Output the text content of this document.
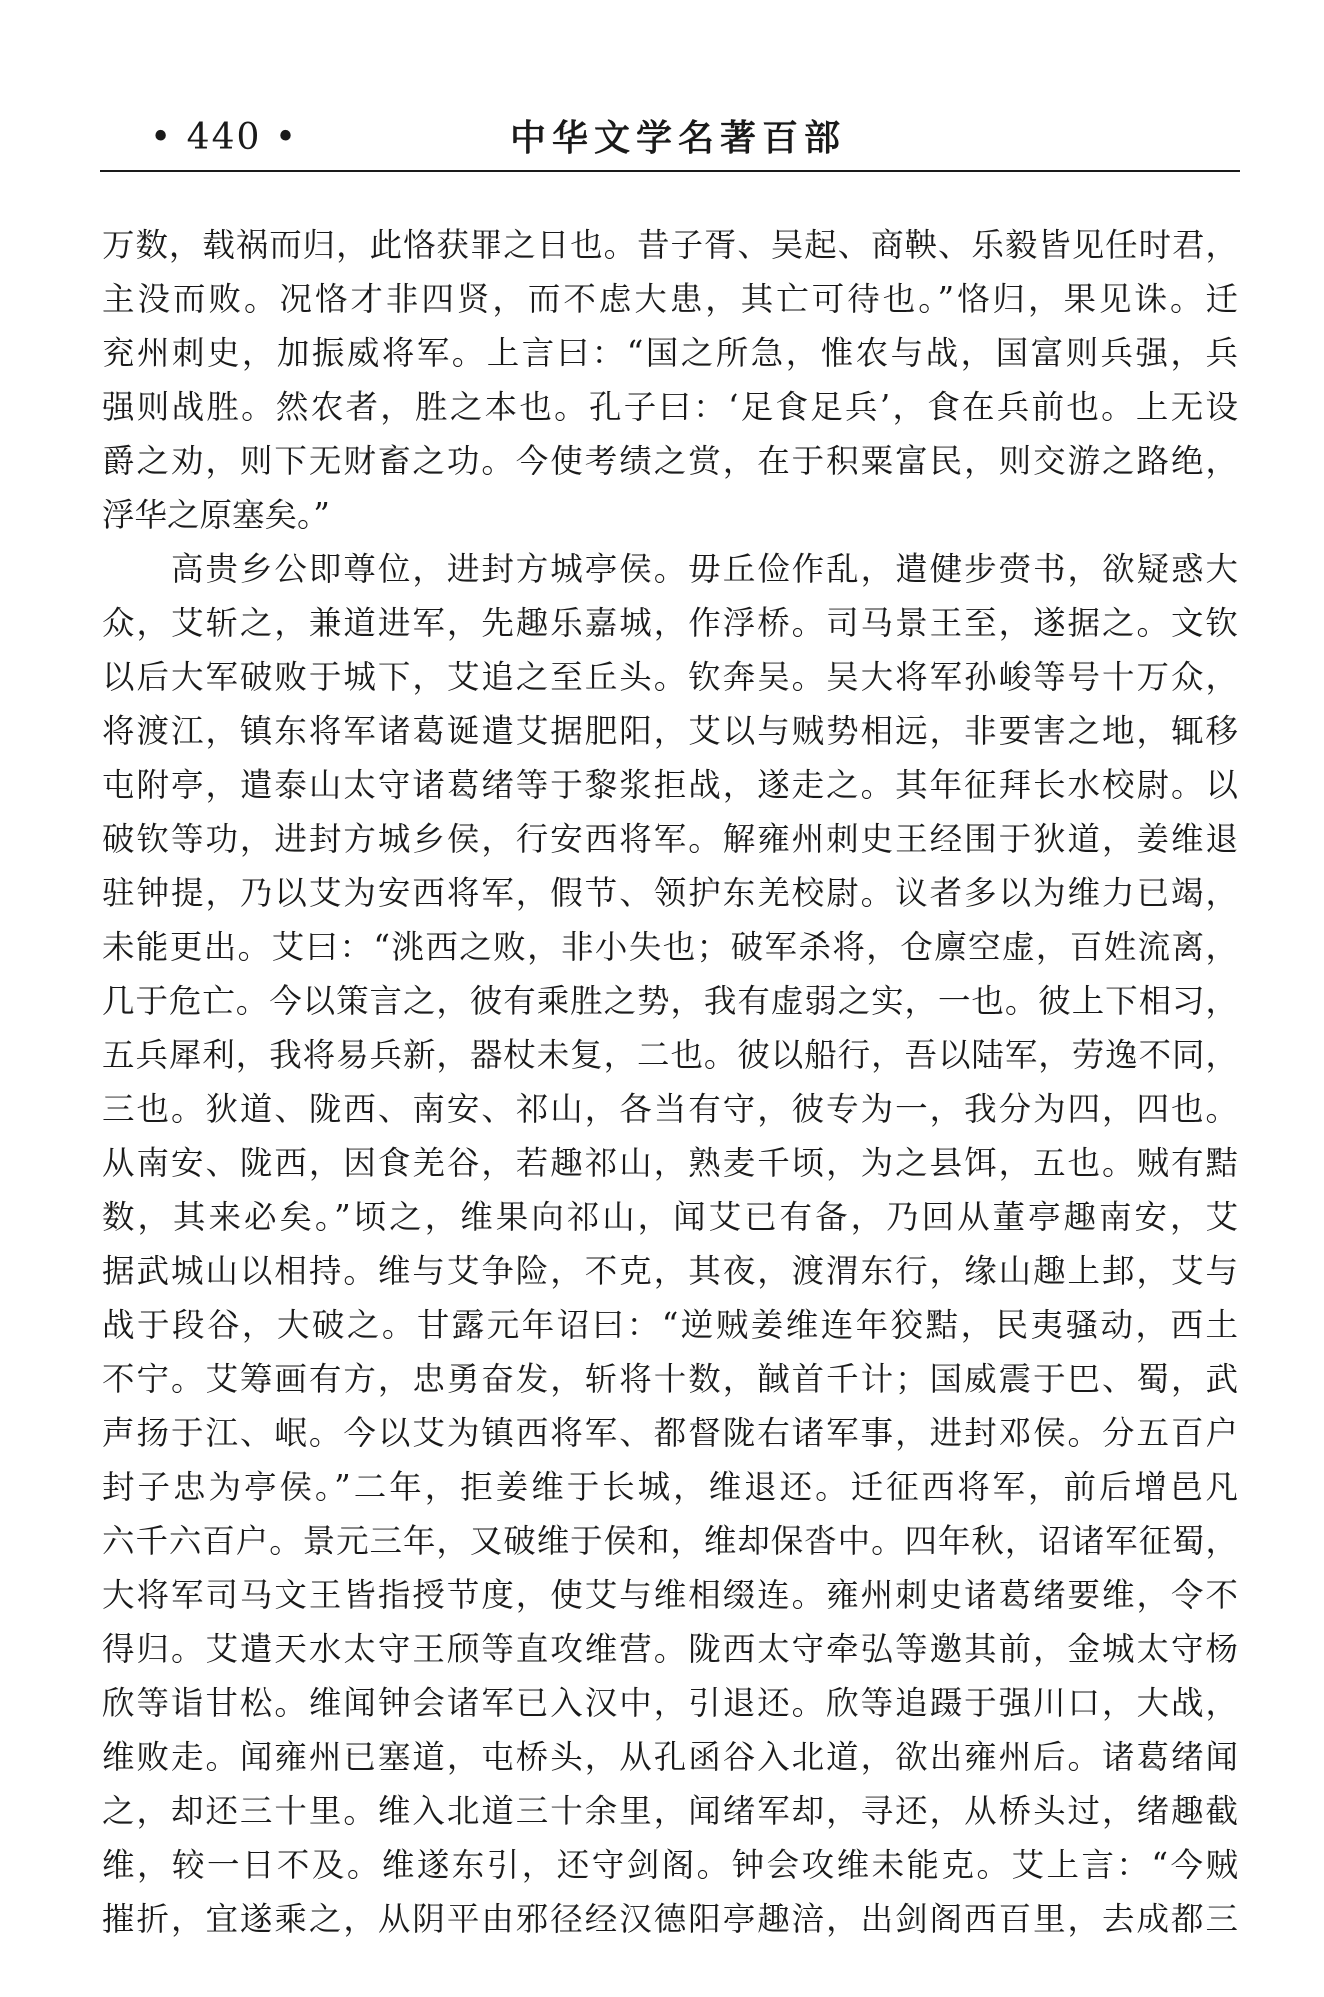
• 440 •	中华文学名著百部
万数，载祸而归，此恪获罪之日也。昔子胥、吴起、商鞅、乐毅皆见任时君，
主没而败。况恪才非四贤，而不虑大患，其亡可待也。”恪归，果见诛。迁
兖州刺史，加振威将军。上言曰：“国之所急，惟农与战，国富则兵强，兵
强则战胜。然农者，胜之本也。孔子曰：‘足食足兵’，食在兵前也。上无设
爵之劝，则下无财畜之功。今使考绩之赏，在于积粟富民，则交游之路绝，
浮华之原塞矣。”
　　高贵乡公即尊位，进封方城亭侯。毋丘俭作乱，遣健步赍书，欲疑惑大
众，艾斩之，兼道进军，先趣乐嘉城，作浮桥。司马景王至，遂据之。文钦
以后大军破败于城下，艾追之至丘头。钦奔吴。吴大将军孙峻等号十万众，
将渡江，镇东将军诸葛诞遣艾据肥阳，艾以与贼势相远，非要害之地，辄移
屯附亭，遣泰山太守诸葛绪等于黎浆拒战，遂走之。其年征拜长水校尉。以
破钦等功，进封方城乡侯，行安西将军。解雍州刺史王经围于狄道，姜维退
驻钟提，乃以艾为安西将军，假节、领护东羌校尉。议者多以为维力已竭，
未能更出。艾曰：“洮西之败，非小失也；破军杀将，仓廪空虚，百姓流离，
几于危亡。今以策言之，彼有乘胜之势，我有虚弱之实，一也。彼上下相习，
五兵犀利，我将易兵新，器杖未复，二也。彼以船行，吾以陆军，劳逸不同，
三也。狄道、陇西、南安、祁山，各当有守，彼专为一，我分为四，四也。
从南安、陇西，因食羌谷，若趣祁山，熟麦千顷，为之县饵，五也。贼有黠
数，其来必矣。”顷之，维果向祁山，闻艾已有备，乃回从董亭趣南安，艾
据武城山以相持。维与艾争险，不克，其夜，渡渭东行，缘山趣上邽，艾与
战于段谷，大破之。甘露元年诏曰：“逆贼姜维连年狡黠，民夷骚动，西土
不宁。艾筹画有方，忠勇奋发，斩将十数，馘首千计；国威震于巴、蜀，武
声扬于江、岷。今以艾为镇西将军、都督陇右诸军事，进封邓侯。分五百户
封子忠为亭侯。”二年，拒姜维于长城，维退还。迁征西将军，前后增邑凡
六千六百户。景元三年，又破维于侯和，维却保沓中。四年秋，诏诸军征蜀，
大将军司马文王皆指授节度，使艾与维相缀连。雍州刺史诸葛绪要维，令不
得归。艾遣天水太守王颀等直攻维营。陇西太守牵弘等邀其前，金城太守杨
欣等诣甘松。维闻钟会诸军已入汉中，引退还。欣等追蹑于强川口，大战，
维败走。闻雍州已塞道，屯桥头，从孔函谷入北道，欲出雍州后。诸葛绪闻
之，却还三十里。维入北道三十余里，闻绪军却，寻还，从桥头过，绪趣截
维，较一日不及。维遂东引，还守剑阁。钟会攻维未能克。艾上言：“今贼
摧折，宜遂乘之，从阴平由邪径经汉德阳亭趣涪，出剑阁西百里，去成都三
